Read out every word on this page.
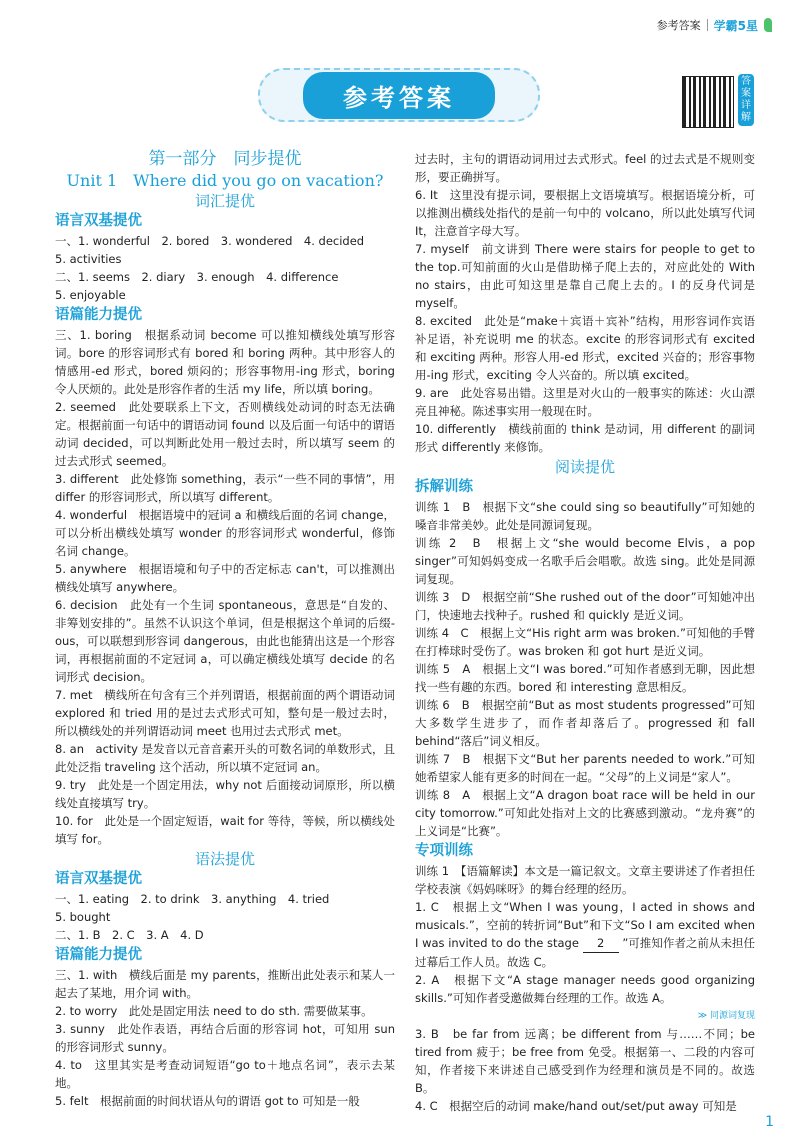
参考答案 学霸5星
参考答案
答案详解
第一部分　同步提优
Unit 1　Where did you go on vacation?
词汇提优
语言双基提优

一、1. wonderful　2. bored　3. wondered　4. decided

5. activities

二、1. seems　2. diary　3. enough　4. difference

5. enjoyable

语篇能力提优

三、1. boring　根据系动词 become 可以推知横线处填写形容词。bore 的形容词形式有 bored 和 boring 两种。其中形容人的情感用-ed 形式，bored 烦闷的；形容事物用-ing 形式，boring 令人厌烦的。此处是形容作者的生活 my life，所以填 boring。

2. seemed　此处要联系上下文，否则横线处动词的时态无法确定。根据前面一句话中的谓语动词 found 以及后面一句话中的谓语动词 decided，可以判断此处用一般过去时，所以填写 seem 的过去式形式 seemed。

3. different　此处修饰 something，表示“一些不同的事情”，用 differ 的形容词形式，所以填写 different。

4. wonderful　根据语境中的冠词 a 和横线后面的名词 change，可以分析出横线处填写 wonder 的形容词形式 wonderful，修饰名词 change。

5. anywhere　根据语境和句子中的否定标志 can't，可以推测出横线处填写 anywhere。

6. decision　此处有一个生词 spontaneous，意思是“自发的、非筹划安排的”。虽然不认识这个单词，但是根据这个单词的后缀-ous，可以联想到形容词 dangerous，由此也能猜出这是一个形容词，再根据前面的不定冠词 a，可以确定横线处填写 decide 的名词形式 decision。

7. met　横线所在句含有三个并列谓语，根据前面的两个谓语动词 explored 和 tried 用的是过去式形式可知，整句是一般过去时，所以横线处的并列谓语动词 meet 也用过去式形式 met。

8. an　activity 是发音以元音音素开头的可数名词的单数形式，且此处泛指 traveling 这个活动，所以填不定冠词 an。

9. try　此处是一个固定用法，why not 后面接动词原形，所以横线处直接填写 try。

10. for　此处是一个固定短语，wait for 等待，等候，所以横线处填写 for。

语法提优
语言双基提优

一、1. eating　2. to drink　3. anything　4. tried

5. bought

二、1. B　2. C　3. A　4. D

语篇能力提优

三、1. with　横线后面是 my parents，推断出此处表示和某人一起去了某地，用介词 with。

2. to worry　此处是固定用法 need to do sth. 需要做某事。

3. sunny　此处作表语，再结合后面的形容词 hot，可知用 sun 的形容词形式 sunny。

4. to　这里其实是考查动词短语“go to＋地点名词”，表示去某地。

5. felt　根据前面的时间状语从句的谓语 got to 可知是一般

过去时，主句的谓语动词用过去式形式。feel 的过去式是不规则变形，要正确拼写。

6. It　这里没有提示词，要根据上文语境填写。根据语境分析，可以推测出横线处指代的是前一句中的 volcano，所以此处填写代词 It，注意首字母大写。

7. myself　前文讲到 There were stairs for people to get to the top.可知前面的火山是借助梯子爬上去的，对应此处的 With no stairs，由此可知这里是靠自己爬上去的。I 的反身代词是 myself。

8. excited　此处是“make＋宾语＋宾补”结构，用形容词作宾语补足语，补充说明 me 的状态。excite 的形容词形式有 excited 和 exciting 两种。形容人用-ed 形式，excited 兴奋的；形容事物用-ing 形式，exciting 令人兴奋的。所以填 excited。

9. are　此处容易出错。这里是对火山的一般事实的陈述：火山漂亮且神秘。陈述事实用一般现在时。

10. differently　横线前面的 think 是动词，用 different 的副词形式 differently 来修饰。

阅读提优
拆解训练

训练 1　B　根据下文“she could sing so beautifully”可知她的嗓音非常美妙。此处是同源词复现。

训练 2　B　根据上文“she would become Elvis，a pop singer”可知妈妈变成一名歌手后会唱歌。故选 sing。此处是同源词复现。

训练 3　D　根据空前“She rushed out of the door”可知她冲出门，快速地去找种子。rushed 和 quickly 是近义词。

训练 4　C　根据上文“His right arm was broken.”可知他的手臂在打棒球时受伤了。was broken 和 got hurt 是近义词。

训练 5　A　根据上文“I was bored.”可知作者感到无聊，因此想找一些有趣的东西。bored 和 interesting 意思相反。

训练 6　B　根据空前“But as most students progressed”可知大多数学生进步了，而作者却落后了。progressed 和 fall behind“落后”词义相反。

训练 7　B　根据下文“But her parents needed to work.”可知她希望家人能有更多的时间在一起。“父母”的上义词是“家人”。

训练 8　A　根据上文“A dragon boat race will be held in our city tomorrow.”可知此处指对上文的比赛感到激动。“龙舟赛”的上义词是“比赛”。

专项训练

训练 1　【语篇解读】本文是一篇记叙文。文章主要讲述了作者担任学校表演《妈妈咪呀》的舞台经理的经历。

1. C　根据上文“When I was young，I acted in shows and musicals.”，空前的转折词“But”和下文“So I am excited when I was invited to do the stage 2 ”可推知作者之前从未担任过幕后工作人员。故选 C。

2. A　根据下文“A stage manager needs good organizing skills.”可知作者受邀做舞台经理的工作。故选 A。

≫ 同源词复现

3. B　be far from 远离；be different from 与……不同；be tired from 疲于；be free from 免受。根据第一、二段的内容可知，作者接下来讲述自己感受到作为经理和演员是不同的。故选 B。

4. C　根据空后的动词 make/hand out/set/put away 可知是

1
